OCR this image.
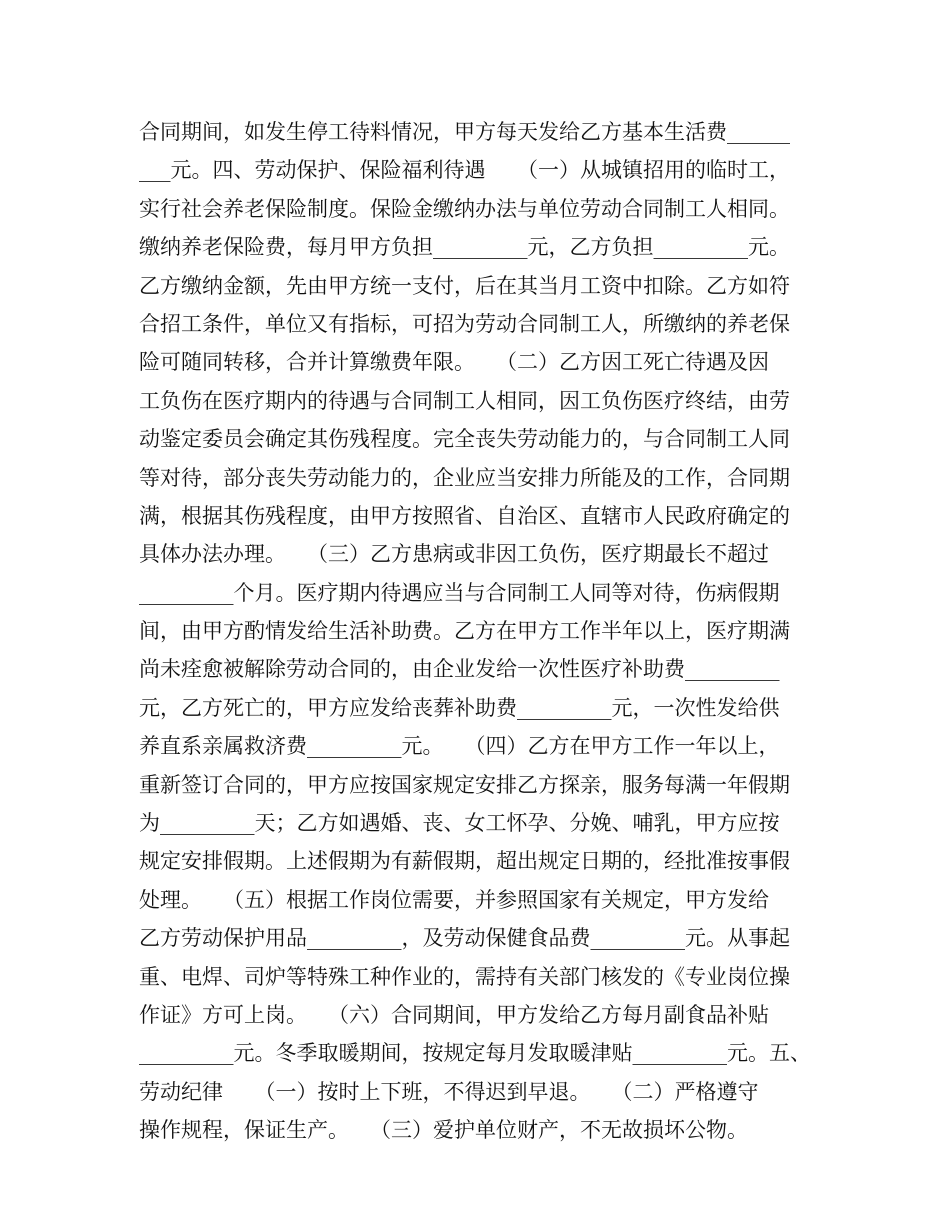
合同期间，如发生停工待料情况，甲方每天发给乙方基本生活费______
___元。四、劳动保护、保险福利待遇　　（一）从城镇招用的临时工，
实行社会养老保险制度。保险金缴纳办法与单位劳动合同制工人相同。
缴纳养老保险费，每月甲方负担_________元，乙方负担_________元。
乙方缴纳金额，先由甲方统一支付，后在其当月工资中扣除。乙方如符
合招工条件，单位又有指标，可招为劳动合同制工人，所缴纳的养老保
险可随同转移，合并计算缴费年限。　　（二）乙方因工死亡待遇及因
工负伤在医疗期内的待遇与合同制工人相同，因工负伤医疗终结，由劳
动鉴定委员会确定其伤残程度。完全丧失劳动能力的，与合同制工人同
等对待，部分丧失劳动能力的，企业应当安排力所能及的工作，合同期
满，根据其伤残程度，由甲方按照省、自治区、直辖市人民政府确定的
具体办法办理。　　（三）乙方患病或非因工负伤，医疗期最长不超过
_________个月。医疗期内待遇应当与合同制工人同等对待，伤病假期
间，由甲方酌情发给生活补助费。乙方在甲方工作半年以上，医疗期满
尚未痊愈被解除劳动合同的，由企业发给一次性医疗补助费_________
元，乙方死亡的，甲方应发给丧葬补助费_________元，一次性发给供
养直系亲属救济费_________元。　　（四）乙方在甲方工作一年以上，
重新签订合同的，甲方应按国家规定安排乙方探亲，服务每满一年假期
为_________天；乙方如遇婚、丧、女工怀孕、分娩、哺乳，甲方应按
规定安排假期。上述假期为有薪假期，超出规定日期的，经批准按事假
处理。　　（五）根据工作岗位需要，并参照国家有关规定，甲方发给
乙方劳动保护用品_________，及劳动保健食品费_________元。从事起
重、电焊、司炉等特殊工种作业的，需持有关部门核发的《专业岗位操
作证》方可上岗。　　（六）合同期间，甲方发给乙方每月副食品补贴
_________元。冬季取暖期间，按规定每月发取暖津贴_________元。五、
劳动纪律　　（一）按时上下班，不得迟到早退。　　（二）严格遵守
操作规程，保证生产。　　（三）爱护单位财产，不无故损坏公物。
